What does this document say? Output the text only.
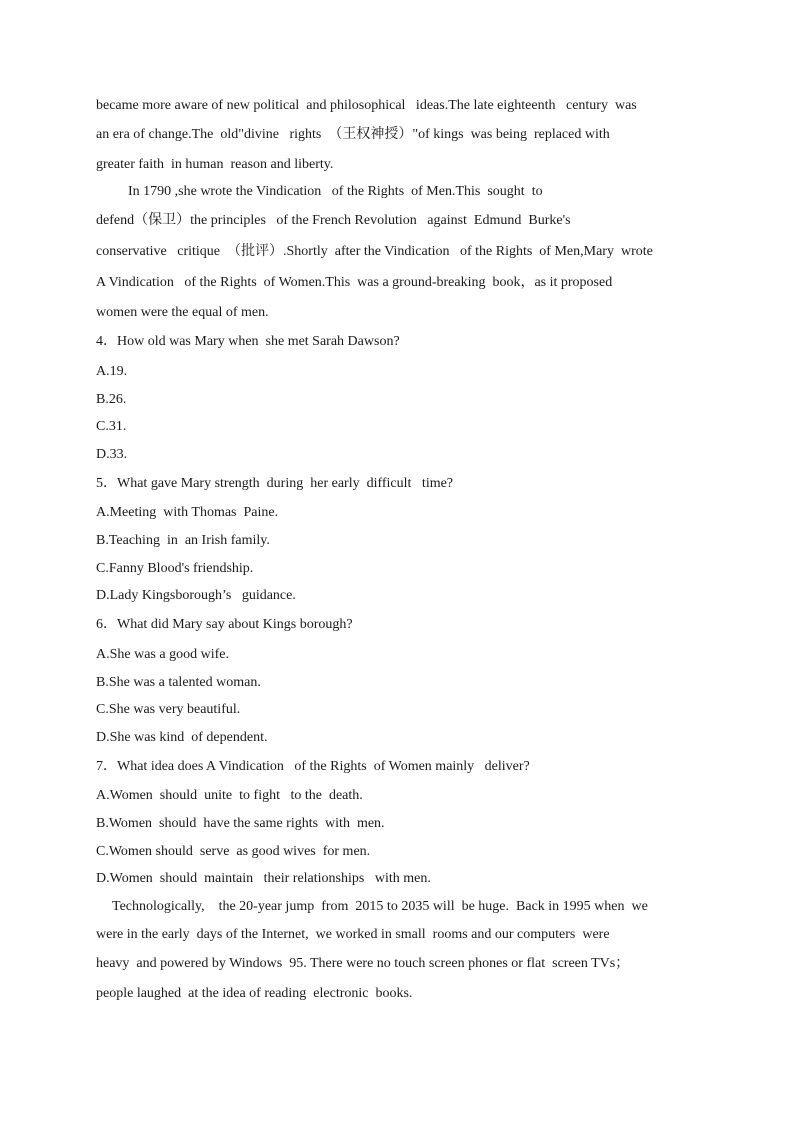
became more aware of new political  and philosophical   ideas.The late eighteenth   century  was
an era of change.The  old"divine   rights  （王权神授）"of kings  was being  replaced with
greater faith  in human  reason and liberty.
In 1790 ,she wrote the Vindication   of the Rights  of Men.This  sought  to
defend（保卫）the principles   of the French Revolution   against  Edmund  Burke's
conservative   critique  （批评）.Shortly  after the Vindication   of the Rights  of Men,Mary  wrote
A Vindication   of the Rights  of Women.This  was a ground-breaking  book，as it proposed
women were the equal of men.
4．How old was Mary when  she met Sarah Dawson?
A.19.
B.26.
C.31.
D.33.
5．What gave Mary strength  during  her early  difficult   time?
A.Meeting  with Thomas  Paine.
B.Teaching  in  an Irish family.
C.Fanny Blood's friendship.
D.Lady Kingsborough’s   guidance.
6．What did Mary say about Kings borough?
A.She was a good wife.
B.She was a talented woman.
C.She was very beautiful.
D.She was kind  of dependent.
7．What idea does A Vindication   of the Rights  of Women mainly   deliver?
A.Women  should  unite  to fight   to the  death.
B.Women  should  have the same rights  with  men.
C.Women should  serve  as good wives  for men.
D.Women  should  maintain   their relationships   with men.
Technologically,    the 20-year jump  from  2015 to 2035 will  be huge.  Back in 1995 when  we
were in the early  days of the Internet,  we worked in small  rooms and our computers  were
heavy  and powered by Windows  95. There were no touch screen phones or flat  screen TVs；
people laughed  at the idea of reading  electronic  books.
